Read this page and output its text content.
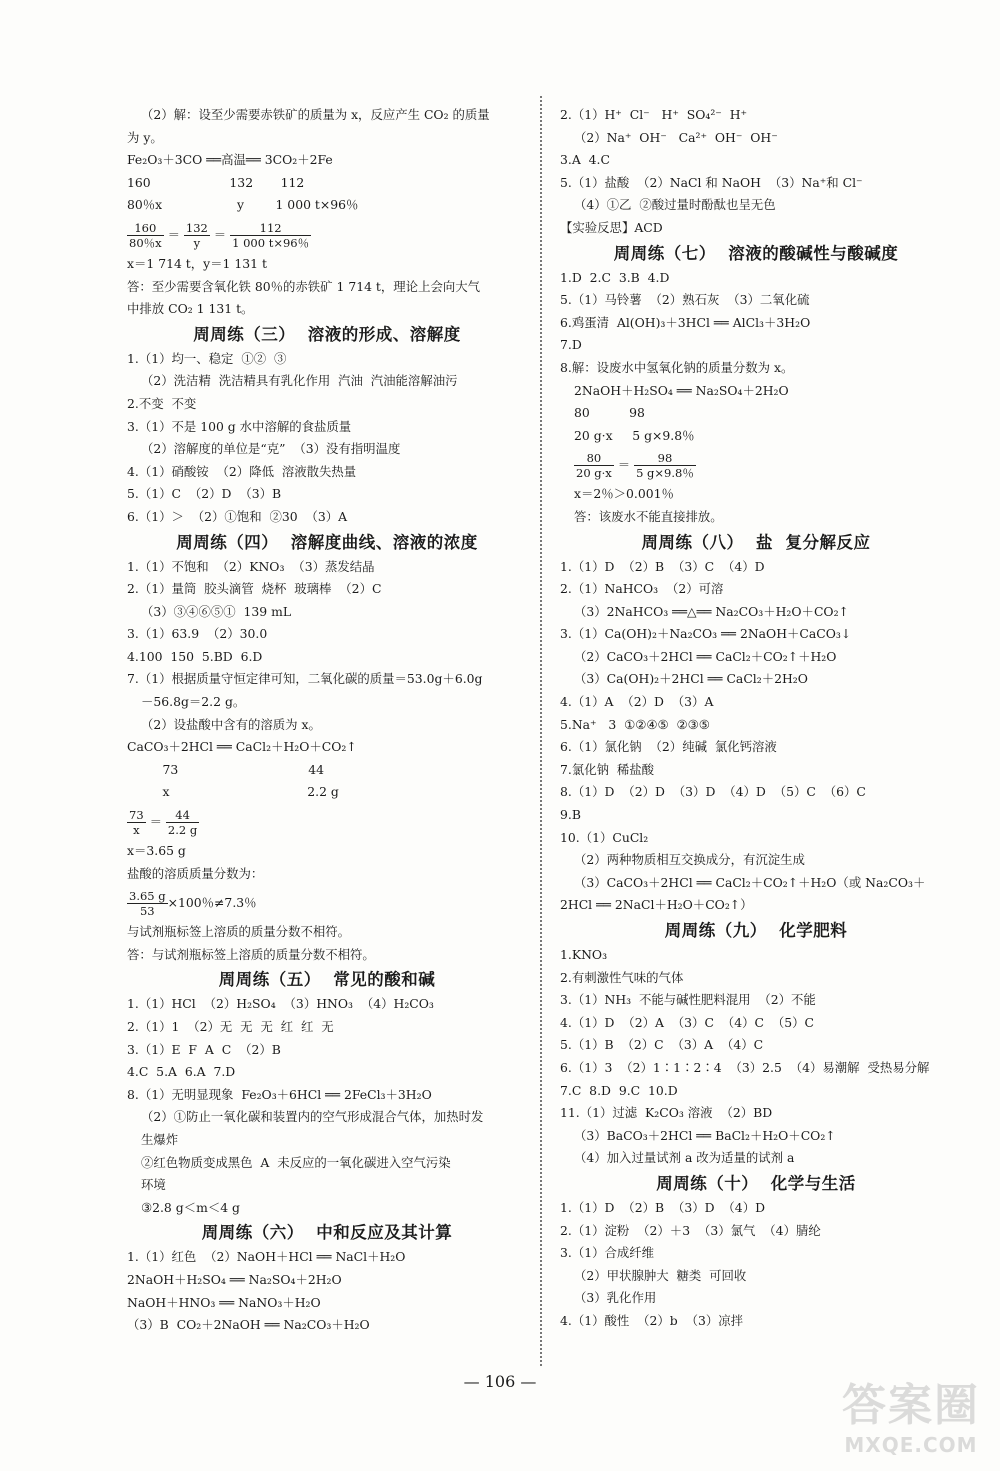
（2）解：设至少需要赤铁矿的质量为 x，反应产生 CO₂ 的质量
为 y。
Fe₂O₃＋3CO ══高温══ 3CO₂＋2Fe
160                    132       112
80％x                   y        1 000 t×96％
$\frac{160}{80\%x} = \frac{132}{y} = \frac{112}{1 000 t\times 96\%}$
x＝1 714 t，y＝1 131 t
答：至少需要含氧化铁 80％的赤铁矿 1 714 t，理论上会向大气
中排放 CO₂ 1 131 t。
周周练（三）  溶液的形成、溶解度
1.（1）均一、稳定  ①②  ③
（2）洗洁精  洗洁精具有乳化作用  汽油  汽油能溶解油污
2.不变  不变
3.（1）不是 100 g 水中溶解的食盐质量
（2）溶解度的单位是“克”  （3）没有指明温度
4.（1）硝酸铵  （2）降低  溶液散失热量
5.（1）C  （2）D  （3）B
6.（1）＞  （2）①饱和  ②30  （3）A
周周练（四）  溶解度曲线、溶液的浓度
1.（1）不饱和  （2）KNO₃  （3）蒸发结晶
2.（1）量筒  胶头滴管  烧杯  玻璃棒  （2）C
（3）③④⑥⑤①  139 mL
3.（1）63.9  （2）30.0
4.100  150  5.BD  6.D
7.（1）根据质量守恒定律可知，二氧化碳的质量＝53.0g＋6.0g
－56.8g＝2.2 g。
（2）设盐酸中含有的溶质为 x。
CaCO₃＋2HCl ══ CaCl₂＋H₂O＋CO₂↑
73                                 44
x                                   2.2 g
$\frac{73}{x} = \frac{44}{2.2 g}$
x＝3.65 g
盐酸的溶质质量分数为：
$\frac{3.65 g}{53} \times 100$％≠7.3％
与试剂瓶标签上溶质的质量分数不相符。
答：与试剂瓶标签上溶质的质量分数不相符。
周周练（五）  常见的酸和碱
1.（1）HCl  （2）H₂SO₄  （3）HNO₃  （4）H₂CO₃
2.（1）1  （2）无  无  无  红  红  无
3.（1）E  F  A  C  （2）B
4.C  5.A  6.A  7.D
8.（1）无明显现象  Fe₂O₃＋6HCl ══ 2FeCl₃＋3H₂O
（2）①防止一氧化碳和装置内的空气形成混合气体，加热时发
生爆炸
②红色物质变成黑色  A  未反应的一氧化碳进入空气污染
环境
③2.8 g＜m＜4 g
周周练（六）  中和反应及其计算
1.（1）红色  （2）NaOH＋HCl ══ NaCl＋H₂O
2NaOH＋H₂SO₄ ══ Na₂SO₄＋2H₂O
NaOH＋HNO₃ ══ NaNO₃＋H₂O
（3）B  CO₂＋2NaOH ══ Na₂CO₃＋H₂O
2.（1）H⁺  Cl⁻   H⁺  SO₄²⁻  H⁺
（2）Na⁺  OH⁻   Ca²⁺  OH⁻  OH⁻
3.A  4.C
5.（1）盐酸  （2）NaCl 和 NaOH  （3）Na⁺和 Cl⁻
（4）①乙  ②酸过量时酚酞也呈无色
【实验反思】ACD
周周练（七）  溶液的酸碱性与酸碱度
1.D  2.C  3.B  4.D
5.（1）马铃薯  （2）熟石灰  （3）二氧化硫
6.鸡蛋清  Al(OH)₃＋3HCl ══ AlCl₃＋3H₂O
7.D
8.解：设废水中氢氧化钠的质量分数为 x。
2NaOH＋H₂SO₄ ══ Na₂SO₄＋2H₂O
80          98
20 g·x     5 g×9.8％
$\frac{80}{20 g\cdot x} = \frac{98}{5 g\times 9.8\%}$
x＝2％＞0.001％
答：该废水不能直接排放。
周周练（八）  盐  复分解反应
1.（1）D  （2）B  （3）C  （4）D
2.（1）NaHCO₃  （2）可溶
（3）2NaHCO₃ ══△══ Na₂CO₃＋H₂O＋CO₂↑
3.（1）Ca(OH)₂＋Na₂CO₃ ══ 2NaOH＋CaCO₃↓
（2）CaCO₃＋2HCl ══ CaCl₂＋CO₂↑＋H₂O
（3）Ca(OH)₂＋2HCl ══ CaCl₂＋2H₂O
4.（1）A  （2）D  （3）A
5.Na⁺   3  ①②④⑤  ②③⑤
6.（1）氯化钠  （2）纯碱  氯化钙溶液
7.氯化钠  稀盐酸
8.（1）D  （2）D  （3）D  （4）D  （5）C  （6）C
9.B
10.（1）CuCl₂
（2）两种物质相互交换成分，有沉淀生成
（3）CaCO₃＋2HCl ══ CaCl₂＋CO₂↑＋H₂O（或 Na₂CO₃＋
2HCl ══ 2NaCl＋H₂O＋CO₂↑）
周周练（九）  化学肥料
1.KNO₃
2.有刺激性气味的气体
3.（1）NH₃  不能与碱性肥料混用  （2）不能
4.（1）D  （2）A  （3）C  （4）C  （5）C
5.（1）B  （2）C  （3）A  （4）C
6.（1）3  （2）1∶1∶2∶4  （3）2.5  （4）易潮解  受热易分解
7.C  8.D  9.C  10.D
11.（1）过滤  K₂CO₃ 溶液  （2）BD
（3）BaCO₃＋2HCl ══ BaCl₂＋H₂O＋CO₂↑
（4）加入过量试剂 a 改为适量的试剂 a
周周练（十）  化学与生活
1.（1）D  （2）B  （3）D  （4）D
2.（1）淀粉  （2）＋3  （3）氯气  （4）腈纶
3.（1）合成纤维
（2）甲状腺肿大  糖类  可回收
（3）乳化作用
4.（1）酸性  （2）b  （3）凉拌
— 106 —	答案圈
MXQE.COM
